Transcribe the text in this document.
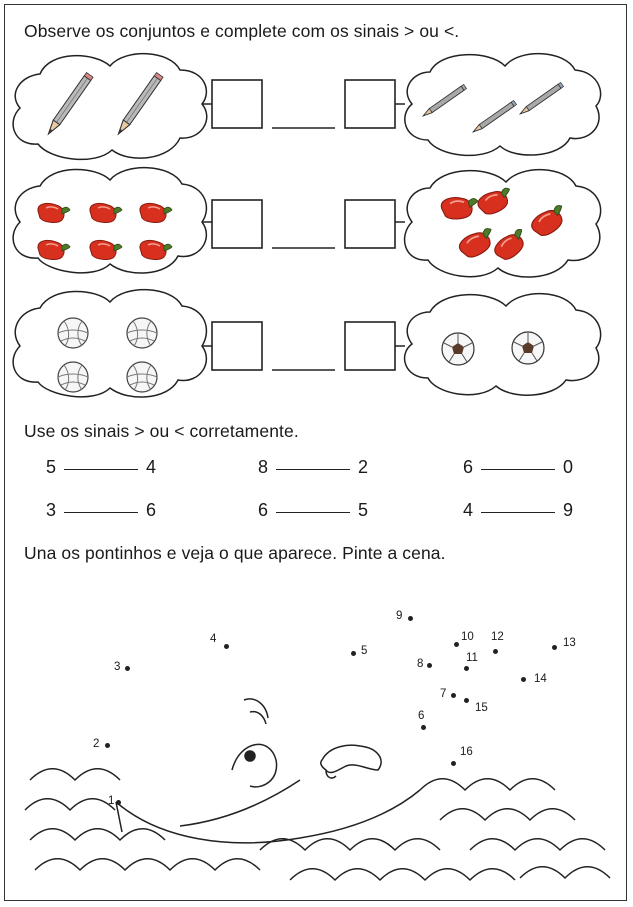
Observe os conjuntos e complete com os sinais > ou <.
Use os sinais > ou < corretamente.
Una os pontinhos e veja o que aparece. Pinte a cena.
5	4	8	2	6	0
3	6	6	5	4	9
1
2
3
4
5
6
7
8
9
10
11
12	13
14
15
16
